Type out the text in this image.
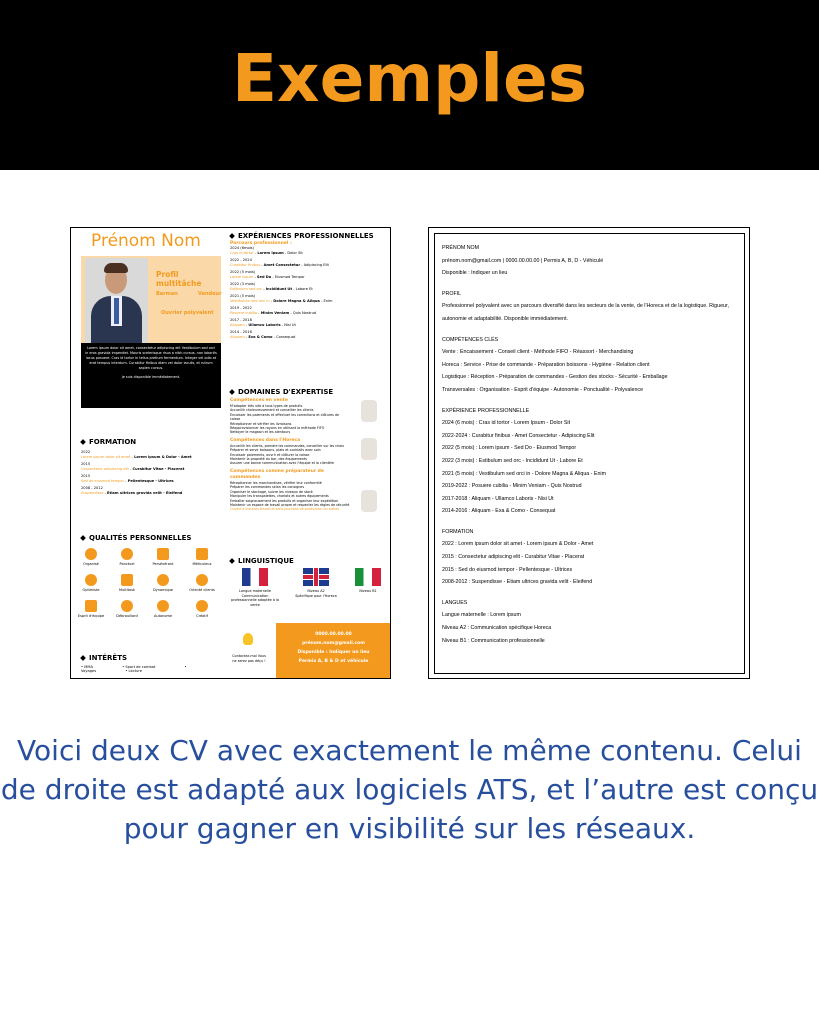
Exemples
Prénom Nom
Profil multitâche
Barman	Vendeur
Ouvrier polyvalent
Lorem ipsum dolor sit amet, consectetur adipiscing elit Vestibulum sed orci in eros gravida imperdiet. Mauris scelerisque risus a nibh cursus, non lobortis lacus posuere. Cras id tortor in tellus pretium fermentum. Integer vel odio at erat tempus interdum. Curabitur finibus diam vel dolor iaculis, et rutrum sapien cursus.
Je suis disponible immédiatement.
FORMATION
2022
Lorem ipsum dolor sit amet - Lorem ipsum & Dolor - Amet
2015
Consectetur adipiscing elit - Curabitur Vitae - Placerat
2015
Sed do eiusmod tempor - Pellentesque - Ultrices
2008 - 2012
Suspendisse - Etiam ultrices gravida velit - Eleifend
QUALITÉS PERSONNELLES
Organisé	Ponctuel	Persévérant	Méticuleux
Optimiste	Multitask	Dynamique	Orienté clients
Esprit d'équipe	Débrouillard	Autonome	Créatif
INTÉRÊTS
• MMA	• Sport de combat	• Voyages	• Lecture
EXPÉRIENCES PROFESSIONNELLES
Parcours professionnel :
2024 (6mois)
Cras id tortor - Lorem Ipsum - Dolor Sit
2022 - 2024
Curabitur finibus - Amet Consectetur - Adipiscing Elit
2022 (5 mois)
Lorem ipsum - Sed Do - Eiusmod Tempor
2022 (3 mois)
Estibulum sed orc - Incididunt Ut - Labore Et
2021 (5 mois)
Vestibulum sed orci in - Dolore Magna & Aliqua - Enim
2019 - 2022
Posuere cubilia - Minim Veniam - Quis Nostrud
2017 - 2018
Aliquam - Ullamco Laboris - Nisi Ut
2014 - 2016
Aliquam - Exa & Como - Consequat
DOMAINES D'EXPERTISE
Compétences en vente
M'adapter très vite à tous types de produits
Accueillir chaleureusement et conseiller les clients
Encaisser les paiements et effectuer les corrections et clôtures de caisse
Réceptionner et vérifier les livraisons
Réapprovisionner les rayons en utilisant la méthode FIFO
Nettoyer le magasin et les alentours
Compétences dans l'Horeca
Accueillir les clients, prendre les commandes, conseiller sur les choix
Préparer et servir boissons, plats et cocktails avec soin
Encaisser paiements, ouvrir et clôturer la caisse
Maintenir la propreté du bar, des équipements
Assurer une bonne communication avec l'équipe et la clientèle
Compétences comme préparateur de commandes
Réceptionner les marchandises, vérifier leur conformité
Préparer les commandes selon les consignes
Organiser le stockage, suivre les niveaux de stock
Manipuler les transpalettes, chariots et autres équipements
Emballer soigneusement les produits et organiser leur expédition
Maintenir un espace de travail propre et respecter les règles de sécurité
Ouvert à d'autres travail et sans journées de production ou autres
LINGUISTIQUE
Langue maternelle
Communication professionnelle adaptée à la vente
Niveau A2
Spécifique pour l'Horeca
Niveau B1
Contactez-moi Vous ne serez pas déçu !
0000.00.00.00
prénom.nom@gmail.com
Disponible : Indiquer un lieu
Permis A, B & D et véhicule

PRÉNOM NOM

prénom.nom@gmail.com | 0000.00.00.00 | Permis A, B, D - Véhiculé

Disponible : Indiquer un lieu

PROFIL

Professionnel polyvalent avec un parcours diversifié dans les secteurs de la vente, de l'Horeca et de la logistique. Rigueur, autonomie et adaptabilité. Disponible immédiatement.

COMPÉTENCES CLÉS

Vente : Encaissement - Conseil client - Méthode FIFO - Réassort - Merchandising

Horeca : Service - Prise de commande - Préparation boissons - Hygiène - Relation client

Logistique : Réception - Préparation de commandes - Gestion des stocks - Sécurité - Emballage

Transversales : Organisation - Esprit d'équipe - Autonomie - Ponctualité - Polyvalence

EXPÉRIENCE PROFESSIONNELLE

2024 (6 mois) : Cras id tortor - Lorem Ipsum - Dolor Sit

2022-2024 : Curabitur finibus - Amet Consectetur - Adipiscing Elit

2022 (5 mois) : Lorem ipsum - Sed Do - Eiusmod Tempor

2022 (3 mois) : Estibulum sed orc - Incididunt Ut - Labore Et

2021 (5 mois) : Vestibulum sed orci in - Dolore Magna & Aliqua - Enim

2019-2022 : Posuere cubilia - Minim Veniam - Quis Nostrud

2017-2018 : Aliquam - Ullamco Laboris - Nisi Ut

2014-2016 : Aliquam - Exa & Como - Consequat

FORMATION

2022 : Lorem ipsum dolor sit amet - Lorem ipsum & Dolor - Amet

2015 : Consectetur adipiscing elit - Curabitur Vitae - Placerat

2015 : Sed do eiusmod tempor - Pellentesque - Ultrices

2008-2012 : Suspendisse - Etiam ultrices gravida velit - Eleifend

LANGUES

Langue maternelle : Lorem ipsum

Niveau A2 : Communication spécifique Horeca

Niveau B1 : Communication professionnelle

Voici deux CV avec exactement le même contenu. Celui de droite est adapté aux logiciels ATS, et l’autre est conçu pour gagner en visibilité sur les réseaux.
